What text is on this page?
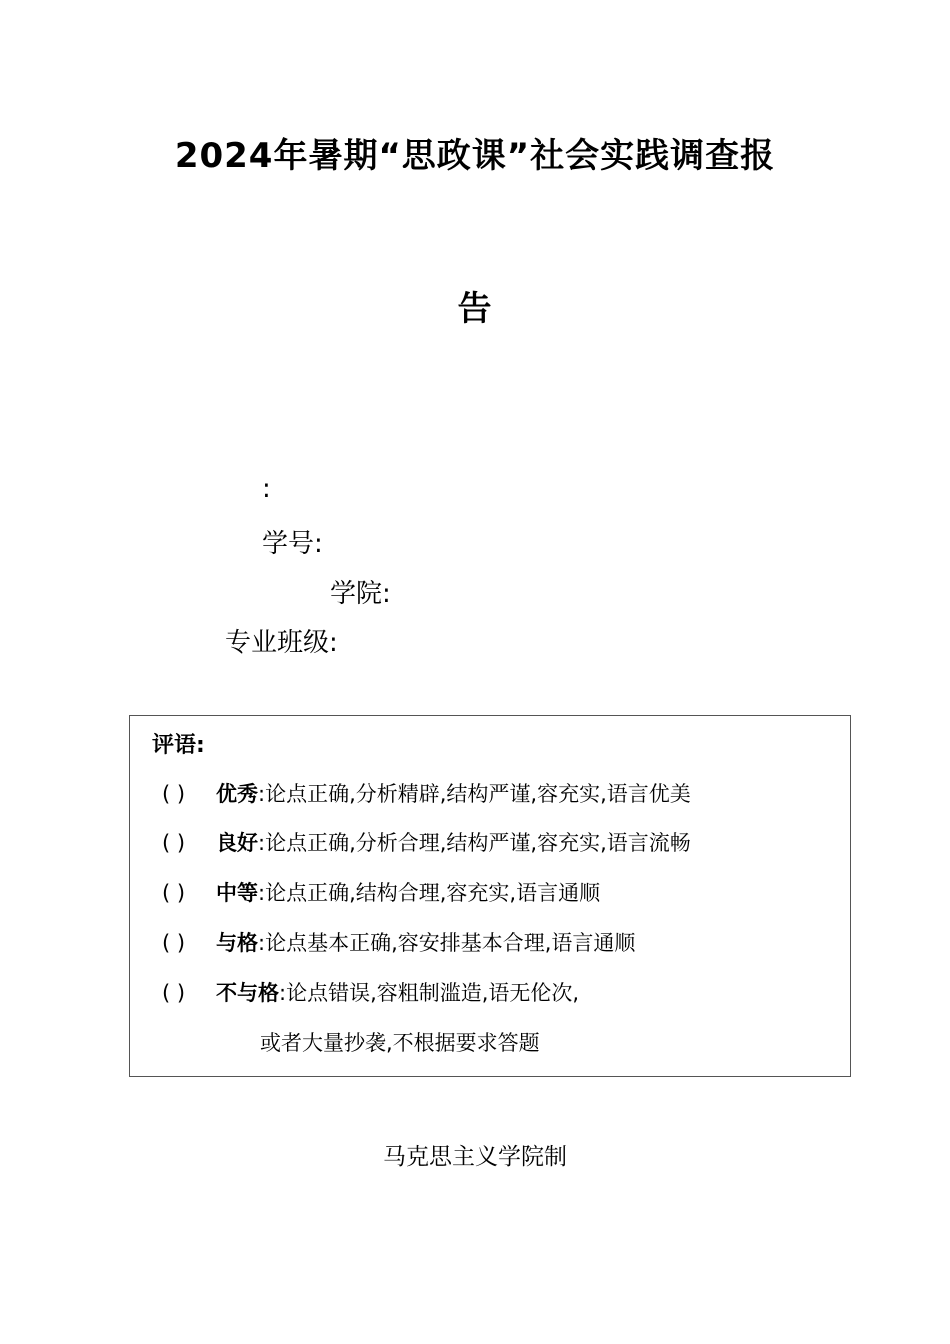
2024年暑期“思政课”社会实践调查报
告
:
学号:
学院:
专业班级:
评语:
( ) 优秀:论点正确,分析精辟,结构严谨,容充实,语言优美
( ) 良好:论点正确,分析合理,结构严谨,容充实,语言流畅
( ) 中等:论点正确,结构合理,容充实,语言通顺
( ) 与格:论点基本正确,容安排基本合理,语言通顺
( ) 不与格:论点错误,容粗制滥造,语无伦次,
或者大量抄袭,不根据要求答题
马克思主义学院制
